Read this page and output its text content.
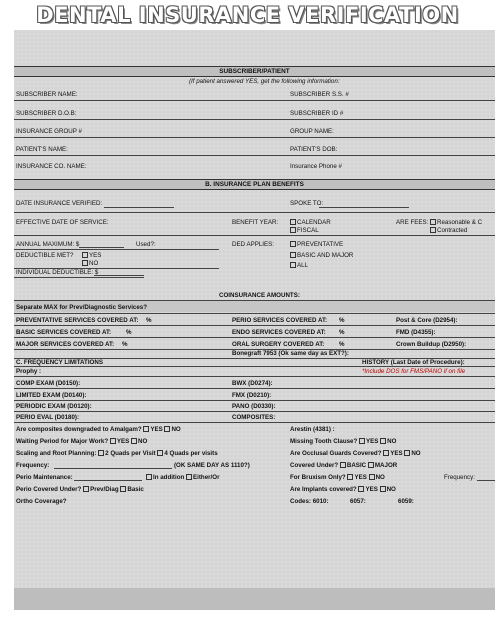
DENTAL INSURANCE VERIFICATION
SUBSCRIBER/PATIENT
(If patient answered YES, get the following information:
SUBSCRIBER NAME:	SUBSCRIBER S.S. #
SUBSCRIBER D.O.B:	SUBSCRIBER ID #
INSURANCE GROUP #	GROUP NAME:
PATIENT'S NAME:	PATIENT'S DOB:
INSURANCE CO. NAME:	Insurance Phone #
B. INSURANCE PLAN BENEFITS
DATE INSURANCE VERIFIED:	SPOKE TO:
EFFECTIVE DATE OF SERVICE:	BENEFIT YEAR:	CALENDAR
FISCAL
ARE FEES:	Reasonable & C
Contracted
ANNUAL MAXIMUM: $	Used?:	DED APPLIES:	PREVENTATIVE
DEDUCTIBLE MET?	YES
NO
BASIC AND MAJOR
ALL
INDIVIDUAL DEDUCTIBLE: $
COINSURANCE AMOUNTS:
Separate MAX for Prev/Diagnostic Services?
PREVENTATIVE SERVICES COVERED AT: %	PERIO SERVICES COVERED AT: %	Post & Core (D2954):
BASIC SERVICES COVERED AT: %	ENDO SERVICES COVERED AT: %	FMD (D4355):
MAJOR SERVICES COVERED AT: %	ORAL SURGERY COVERED AT: %	Crown Buildup (D2950):
Bonegraft 7953 (Ok same day as EXT?):
C. FREQUENCY LIMITATIONS	HISTORY (Last Date of Procedure):
Prophy :	*Include DOS for FMS/PANO if on file
COMP EXAM (D0150):	BWX (D0274):
LIMITED EXAM (D0140):	FMX (D0210):
PERIODIC EXAM (D0120):	PANO (D0330):
PERIO EVAL (D0180):	COMPOSITES:
Are composites downgraded to Amalgam? YES NO	Arestin (4381) :
Waiting Period for Major Work? YES NO	Missing Tooth Clause? YES NO
Scaling and Root Planning: 2 Quads per Visit 4 Quads per visits	Are Occlusal Guards Covered? YES NO
Frequency:	(OK SAME DAY AS 1110?)	Covered Under? BASIC MAJOR
Perio Maintenance:	In addition Either/Or	For Bruxism Only? YES NO	Frequency:
Perio Covered Under? Prev/Diag Basic	Are Implants covered? YES NO
Ortho Coverage?	Codes: 6010:	6057:	6059:
